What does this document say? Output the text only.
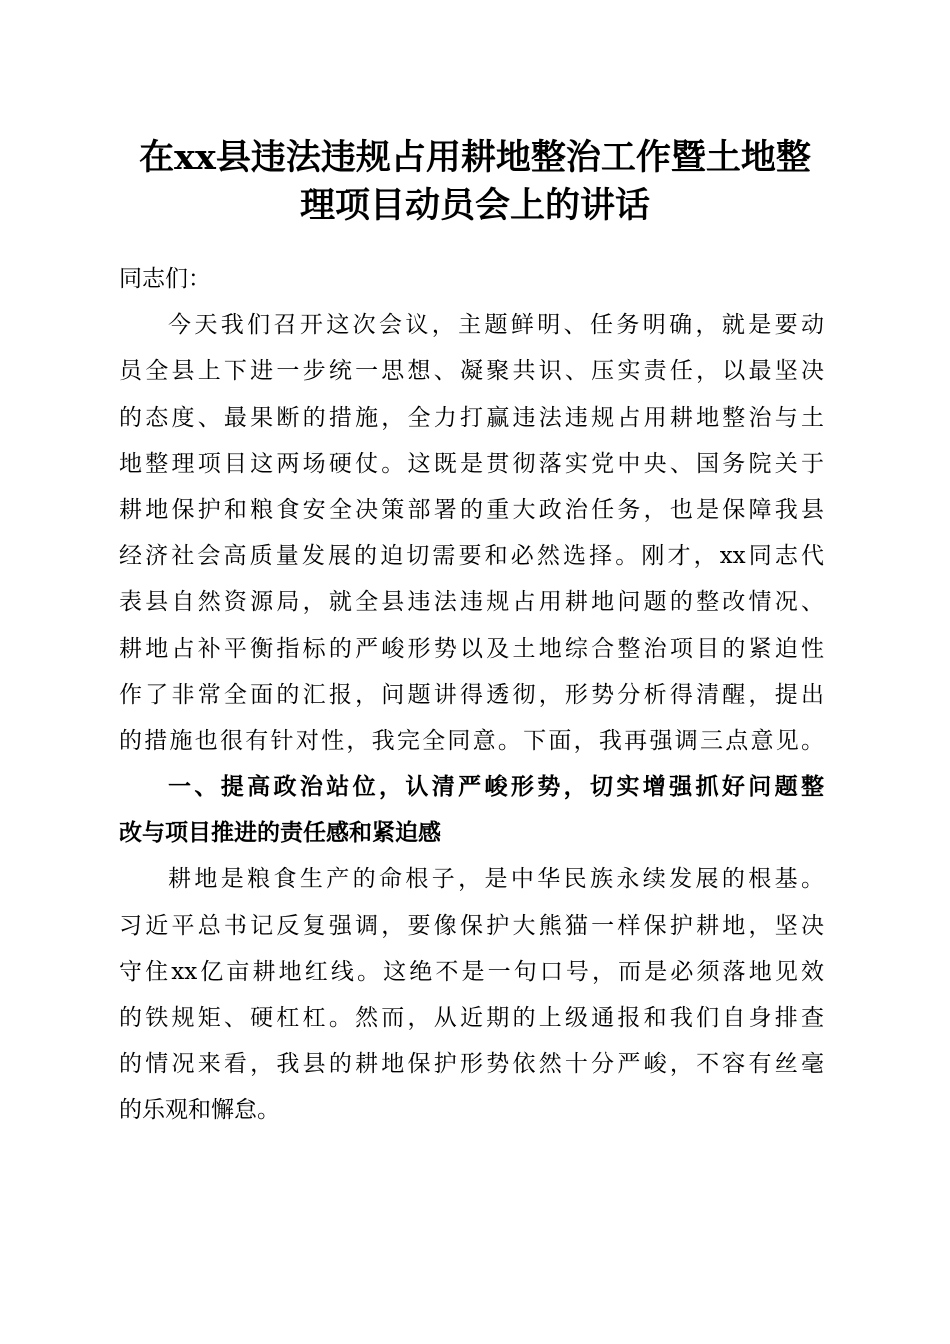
在xx县违法违规占用耕地整治工作暨土地整
理项目动员会上的讲话
同志们：
今天我们召开这次会议，主题鲜明、任务明确，就是要动
员全县上下进一步统一思想、凝聚共识、压实责任，以最坚决
的态度、最果断的措施，全力打赢违法违规占用耕地整治与土
地整理项目这两场硬仗。这既是贯彻落实党中央、国务院关于
耕地保护和粮食安全决策部署的重大政治任务，也是保障我县
经济社会高质量发展的迫切需要和必然选择。刚才，xx同志代
表县自然资源局，就全县违法违规占用耕地问题的整改情况、
耕地占补平衡指标的严峻形势以及土地综合整治项目的紧迫性
作了非常全面的汇报，问题讲得透彻，形势分析得清醒，提出
的措施也很有针对性，我完全同意。下面，我再强调三点意见。
一、提高政治站位，认清严峻形势，切实增强抓好问题整
改与项目推进的责任感和紧迫感
耕地是粮食生产的命根子，是中华民族永续发展的根基。
习近平总书记反复强调，要像保护大熊猫一样保护耕地，坚决
守住xx亿亩耕地红线。这绝不是一句口号，而是必须落地见效
的铁规矩、硬杠杠。然而，从近期的上级通报和我们自身排查
的情况来看，我县的耕地保护形势依然十分严峻，不容有丝毫
的乐观和懈怠。
